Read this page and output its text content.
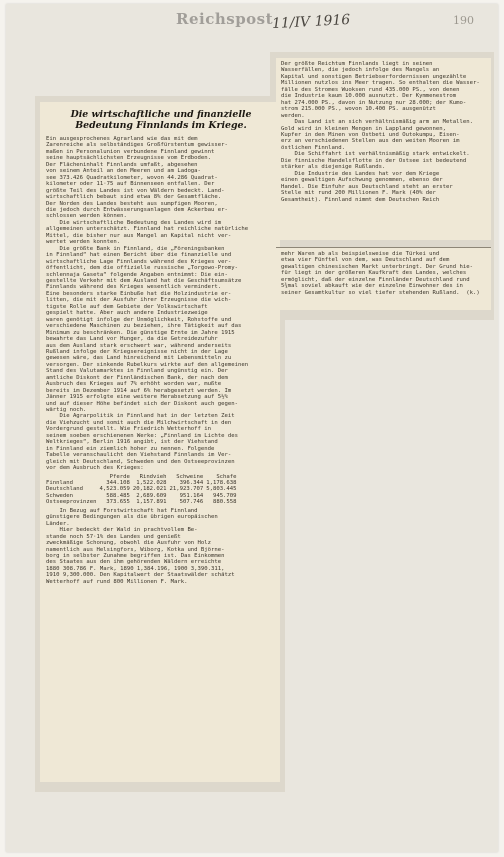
Reichspost
11/IV 1916	190
Die wirtschaftliche und finanzielle
Bedeutung Finnlands im Kriege.
Ein ausgesprochenes Agrarland wie das mit dem
Zarenreiche als selbständiges Großfürstentum gewisser-
maßen in Personalunion verbundene Finnland gewinnt
seine hauptsächlichsten Erzeugnisse vom Erdboden.
Der Flächeninhalt Finnlands umfaßt, abgesehen
von seinem Anteil an den Meeren und am Ladoga-
see 373.426 Quadratkilometer, wovon 44.286 Quadrat-
kilometer oder 11·75 auf Binnenseen entfallen. Der
größte Teil des Landes ist von Wäldern bedeckt. Land-
wirtschaftlich bebaut sind etwa 8% der Gesamtfläche.
Der Norden des Landes besteht aus sumpfigen Mooren,
die jedoch durch Entwässerungsanlagen dem Ackerbau er-
schlossen werden können.
Die wirtschaftliche Bedeutung des Landes wird im
allgemeinen unterschätzt. Finnland hat reichliche natürliche
Mittel, die bisher nur aus Mangel an Kapital nicht ver-
wertet werden konnten.
Die größte Bank in Finnland, die „Föreningsbanken
in Finnland“ hat einen Bericht über die finanzielle und
wirtschaftliche Lage Finnlands während des Krieges ver-
öffentlicht, dem die offizielle russische „Torgowo-Promy-
schlennaja Gaseta“ folgende Angaben entnimmt: Die ein-
gestellte Verkehr mit dem Ausland hat die Geschäftsumsätze
Finnlands während des Krieges wesentlich vermindert.
Eine besonders starke Einbuße hat die Holzindustrie er-
litten, die mit der Ausfuhr ihrer Erzeugnisse die wich-
tigste Rolle auf dem Gebiete der Volkswirtschaft
gespielt hatte. Aber auch andere Industriezweige
waren genötigt infolge der Unmöglichkeit, Rohstoffe und
verschiedene Maschinen zu beziehen, ihre Tätigkeit auf das
Minimum zu beschränken. Die günstige Ernte im Jahre 1915
bewahrte das Land vor Hunger, da die Getreidezufuhr
aus dem Ausland stark erschwert war, während anderseits
Rußland infolge der Kriegsereignisse nicht in der Lage
gewesen wäre, das Land hinreichend mit Lebensmitteln zu
versorgen. Der sinkende Rubelkurs wirkte auf den allgemeinen
Stand des Valutamarktes in Finnland ungünstig ein. Der
amtliche Diskont der Finnländischen Bank, der nach dem
Ausbruch des Krieges auf 7% erhöht worden war, mußte
bereits im Dezember 1914 auf 6% herabgesetzt werden. Im
Jänner 1915 erfolgte eine weitere Herabsetzung auf 5½%
und auf dieser Höhe befindet sich der Diskont auch gegen-
wärtig noch.
Die Agrarpolitik in Finnland hat in der letzten Zeit
die Viehzucht und somit auch die Milchwirtschaft in den
Vordergrund gestellt. Wie Friedrich Wetterhoff in
seinem soeben erschienenen Werke: „Finnland im Lichte des
Weltkrieges“, Berlin 1916 angibt, ist der Viehstand
in Finnland ein ziemlich hoher zu nennen. Folgende
Tabelle veranschaulicht den Viehstand Finnlands im Ver-
gleich mit Deutschland, Schweden und den Ostseeprovinzen
vor dem Ausbruch des Krieges:
	Pferde	Rindvieh	Schweine	Schafe
Finnland	344.108	1,522.028	396.344	1,178.638
Deutschland	4,523.059	20,182.021	21,923.707	5,803.445
Schweden	588.485	2,689.609	951.164	945.709
Ostseeprovinzen	373.655	1,157.891	507.746	880.558
In Bezug auf Forstwirtschaft hat Finnland
günstigere Bedingungen als die übrigen europäischen
Länder.
Hier bedeckt der Wald in prachtvollem Be-
stande noch 57·1% des Landes und genießt
zweckmäßige Schonung, obwohl die Ausfuhr von Holz
namentlich aus Helsingfors, Wiborg, Kotka und Björne-
borg in selbster Zunahme begriffen ist. Das Einkommen
des Staates aus den ihm gehörenden Wäldern erreichte
1880 308.786 F. Mark, 1890 1,384.196, 1900 3,390.311,
1910 9,300.000. Den Kapitalwert der Staatswälder schätzt
Wetterhoff auf rund 800 Millionen F. Mark.
Der größte Reichtum Finnlands liegt in seinen
Wasserfällen, die jedoch infolge des Mangels an
Kapital und sonstigen Betriebserfordernissen ungezählte
Millionen nutzlos ins Meer tragen. So enthalten die Wasser-
fälle des Stromes Wuoksen rund 435.000 PS., von denen
die Industrie kaum 10.000 ausnutzt. Der Kymmenestrom
hat 274.000 PS., davon in Nutzung nur 28.000; der Kumo-
strom 215.000 PS., wovon 10.400 PS. ausgenützt
werden.
Das Land ist an sich verhältnismäßig arm an Metallen.
Gold wird in kleinen Mengen in Lappland gewonnen,
Kupfer in den Minen von Ostbeti und Outokumpu, Eisen-
erz an verschiedenen Stellen aus den weiten Mooren im
östlichen Finnland.
Die Schiffahrt ist verhältnismäßig stark entwickelt.
Die finnische Handelsflotte in der Ostsee ist bedeutend
stärker als diejenige Rußlands.
Die Industrie des Landes hat vor dem Kriege
einen gewaltigen Aufschwung genommen, ebenso der
Handel. Die Einfuhr aus Deutschland steht an erster
Stelle mit rund 200 Millionen F. Mark (40% der
Gesamtheit). Finnland nimmt dem Deutschen Reich
mehr Waren ab als beispielsweise die Türkei und
etwa vier Fünftel von dem, was Deutschland auf dem
gewaltigen chinesischen Markt unterbringt. Der Grund hie-
für liegt in der größeren Kaufkraft des Landes, welches
ermöglicht, daß der einzelne Finnländer Deutschland rund
5¾mal soviel abkauft wie der einzelne Einwohner des in
seiner Gesamtkultur so viel tiefer stehenden Rußland.  (k.)
